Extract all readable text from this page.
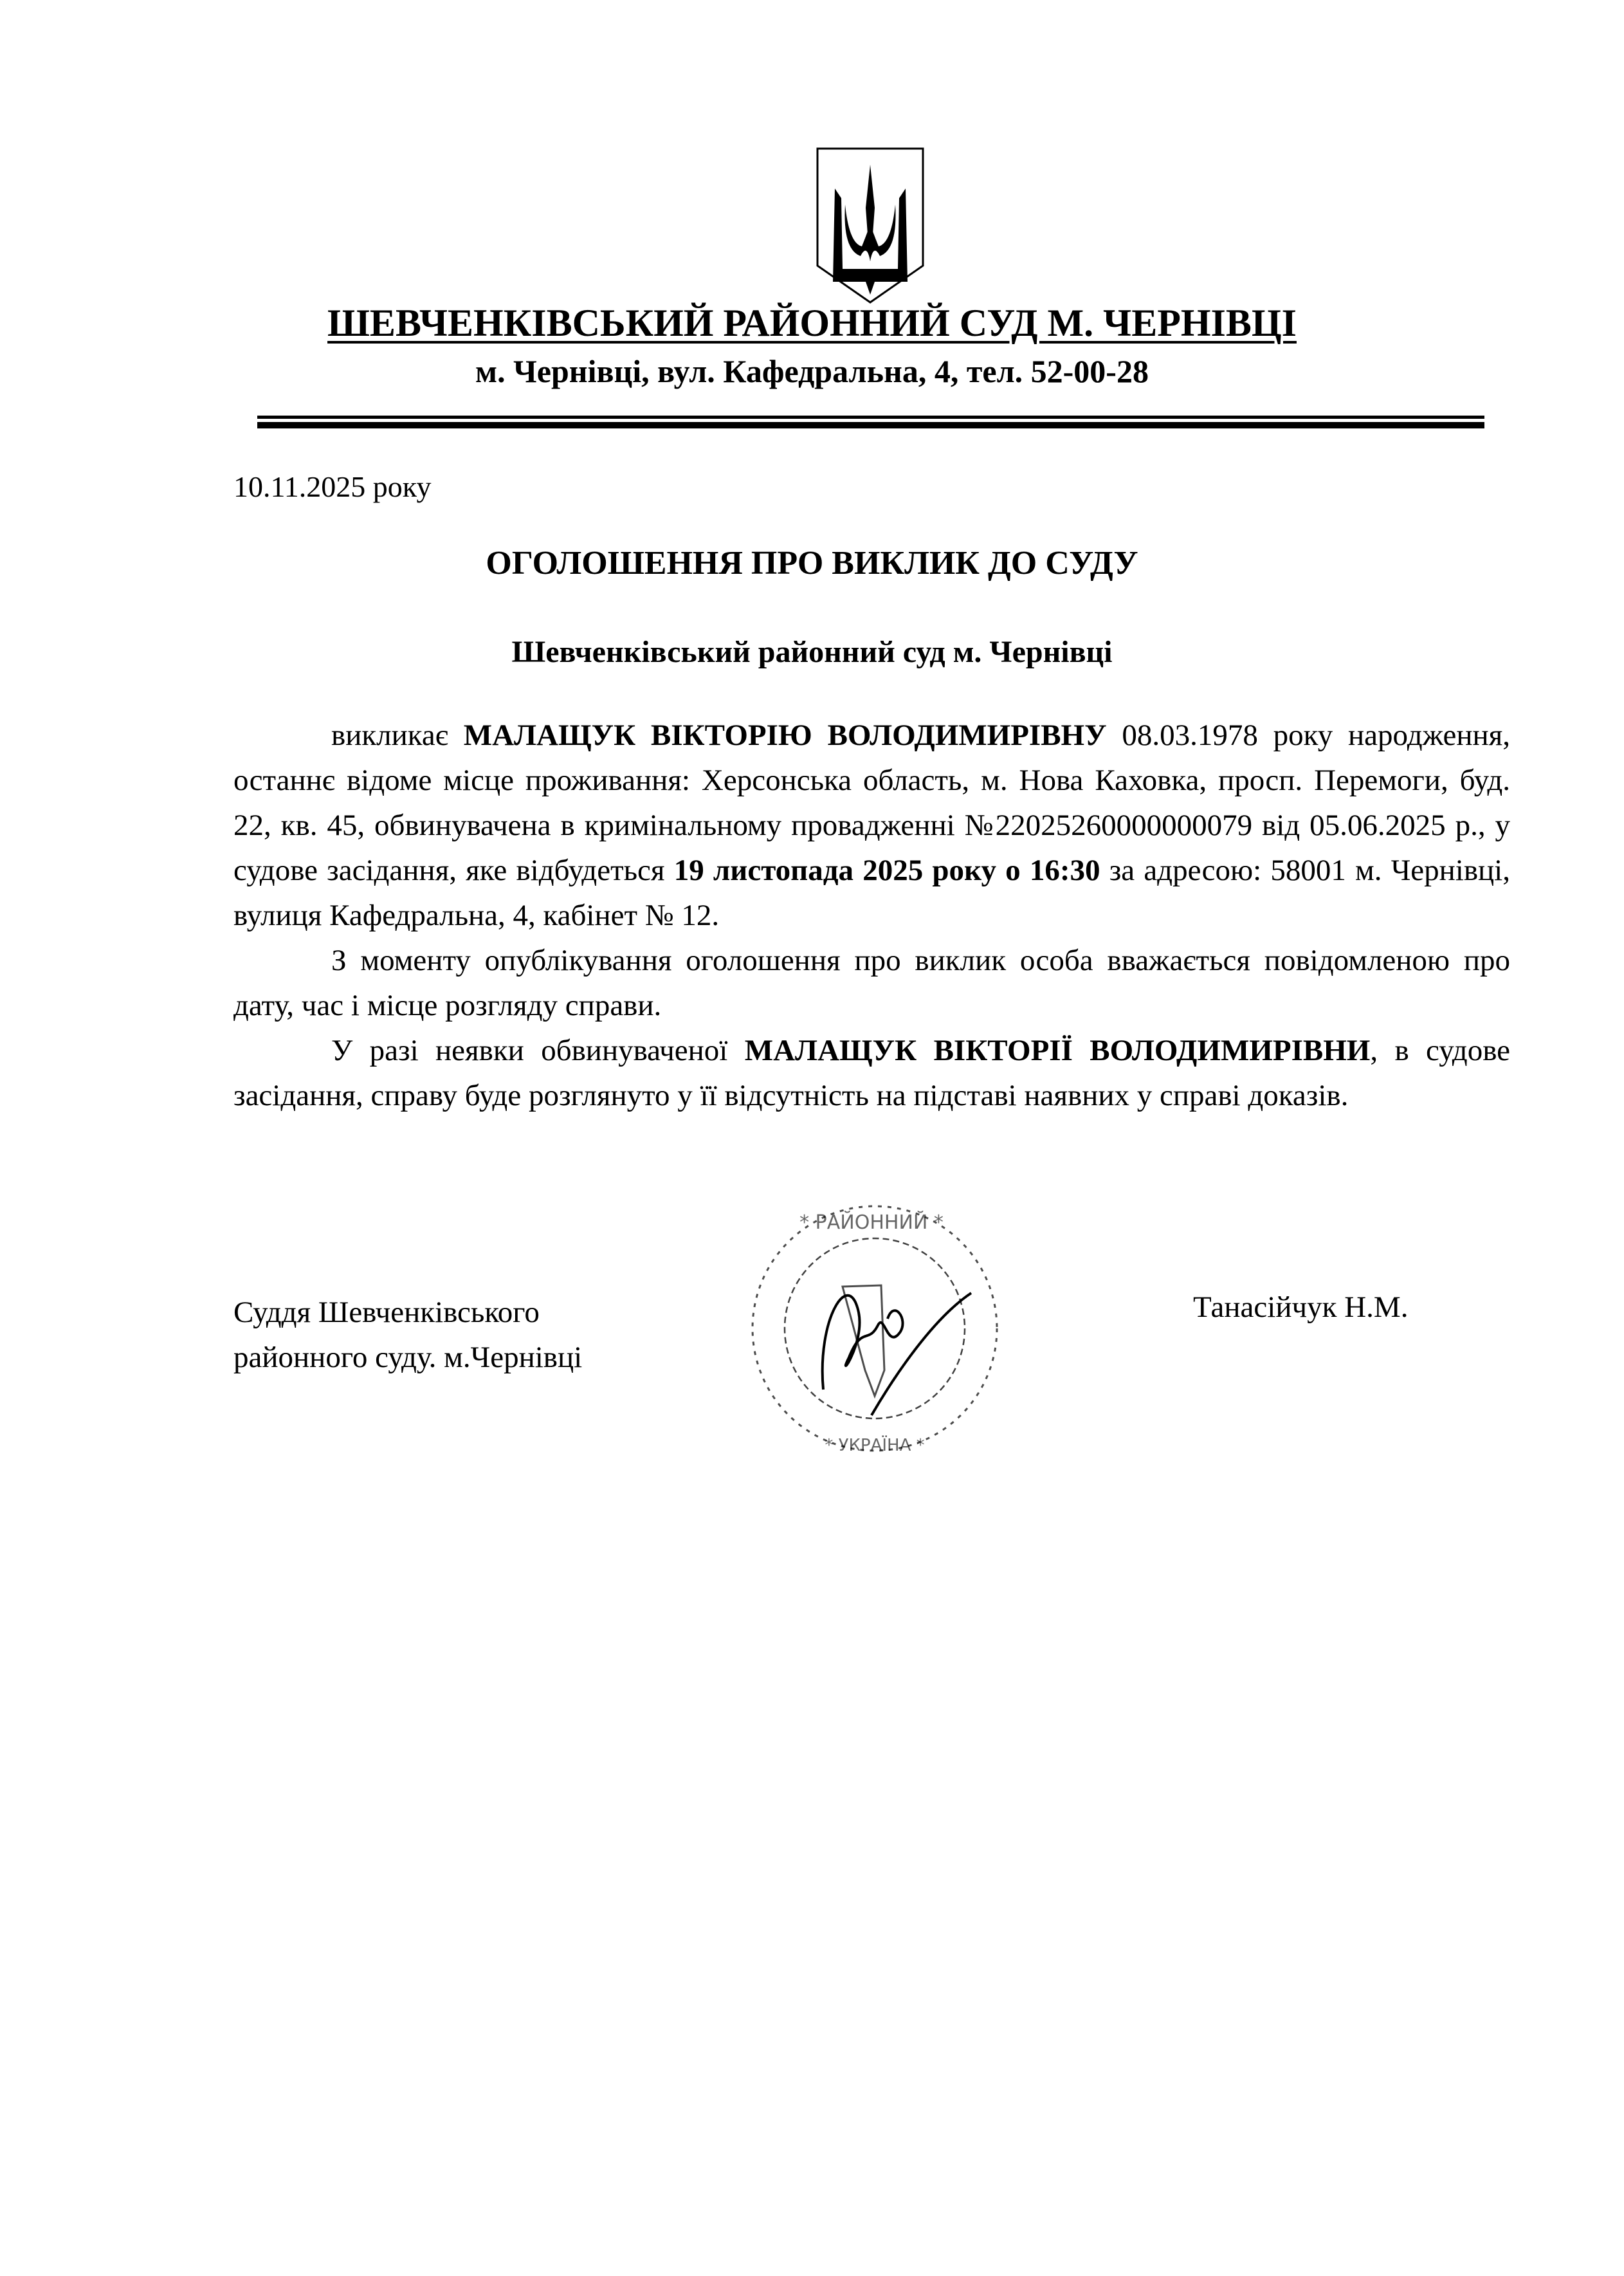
ШЕВЧЕНКІВСЬКИЙ РАЙОННИЙ СУД М. ЧЕРНІВЦІ
м. Чернівці, вул. Кафедральна, 4, тел. 52-00-28
10.11.2025 року
ОГОЛОШЕННЯ ПРО ВИКЛИК ДО СУДУ
Шевченківський районний суд м. Чернівці

викликає МАЛАЩУК ВІКТОРІЮ ВОЛОДИМИРІВНУ 08.03.1978 року народження, останнє відоме місце проживання: Херсонська область, м. Нова Каховка, просп. Перемоги, буд. 22, кв. 45, обвинувачена в кримінальному провадженні №22025260000000079 від 05.06.2025 р., у судове засідання, яке відбудеться 19 листопада 2025 року о 16:30 за адресою: 58001 м. Чернівці, вулиця Кафедральна, 4, кабінет № 12.

З моменту опублікування оголошення про виклик особа вважається повідомленою про дату, час і місце розгляду справи.

У разі неявки обвинуваченої МАЛАЩУК ВІКТОРІЇ ВОЛОДИМИРІВНИ, в судове засідання, справу буде розглянуто у її відсутність на підставі наявних у справі доказів.

Суддя Шевченківського
районного суду. м.Чернівці
Танасійчук Н.М.
* РАЙОННИЙ *
* УКРАЇНА *
